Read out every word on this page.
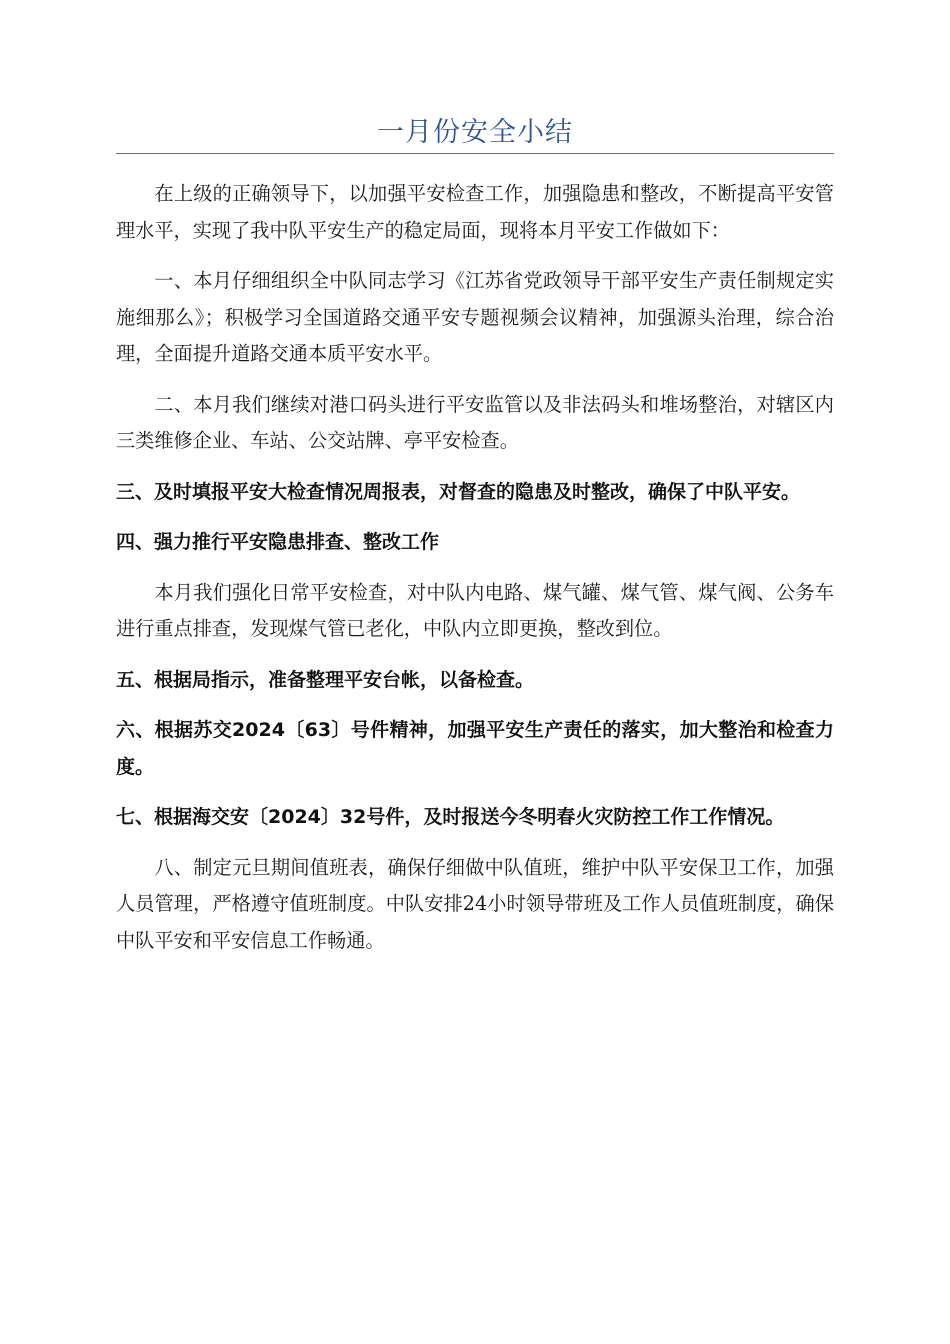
一月份安全小结

在上级的正确领导下，以加强平安检查工作，加强隐患和整改，不断提高平安管理水平，实现了我中队平安生产的稳定局面，现将本月平安工作做如下：

一、本月仔细组织全中队同志学习《江苏省党政领导干部平安生产责任制规定实施细那么》；积极学习全国道路交通平安专题视频会议精神，加强源头治理，综合治理，全面提升道路交通本质平安水平。

二、本月我们继续对港口码头进行平安监管以及非法码头和堆场整治，对辖区内三类维修企业、车站、公交站牌、亭平安检查。

三、及时填报平安大检查情况周报表，对督查的隐患及时整改，确保了中队平安。

四、强力推行平安隐患排查、整改工作

本月我们强化日常平安检查，对中队内电路、煤气罐、煤气管、煤气阀、公务车进行重点排查，发现煤气管已老化，中队内立即更换，整改到位。

五、根据局指示，准备整理平安台帐，以备检查。

六、根据苏交2024〔63〕号件精神，加强平安生产责任的落实，加大整治和检查力度。

七、根据海交安〔2024〕32号件，及时报送今冬明春火灾防控工作工作情况。

八、制定元旦期间值班表，确保仔细做中队值班，维护中队平安保卫工作，加强人员管理，严格遵守值班制度。中队安排24小时领导带班及工作人员值班制度，确保中队平安和平安信息工作畅通。
